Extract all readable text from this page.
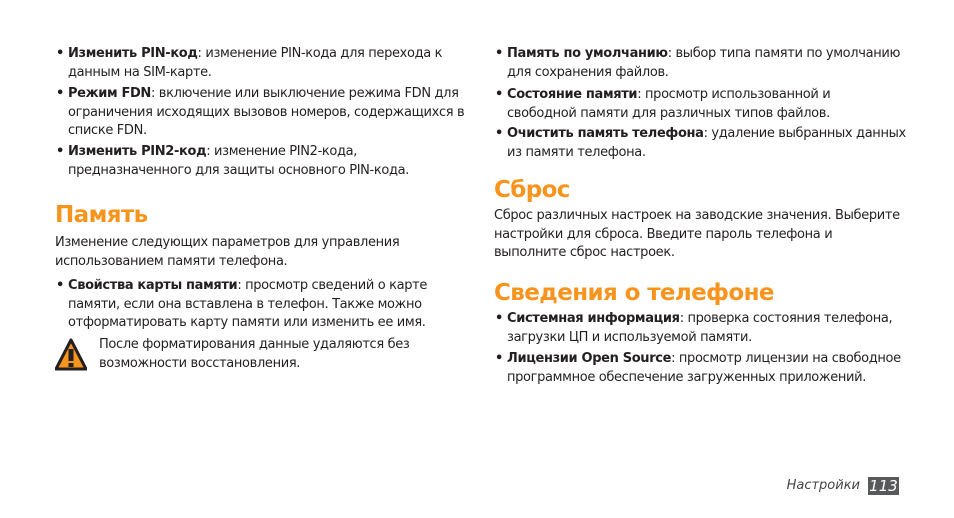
• Изменить PIN-код: изменение PIN-кода для перехода к данным на SIM-карте.
• Режим FDN: включение или выключение режима FDN для ограничения исходящих вызовов номеров, содержащихся в списке FDN.
• Изменить PIN2-код: изменение PIN2-кода, предназначенного для защиты основного PIN-кода.
Память
Изменение следующих параметров для управления использованием памяти телефона.
• Свойства карты памяти: просмотр сведений о карте памяти, если она вставлена в телефон. Также можно отформатировать карту памяти или изменить ее имя.
После форматирования данные удаляются без возможности восстановления.
• Память по умолчанию: выбор типа памяти по умолчанию для сохранения файлов.
• Состояние памяти: просмотр использованной и свободной памяти для различных типов файлов.
• Очистить память телефона: удаление выбранных данных из памяти телефона.
Сброс
Сброс различных настроек на заводские значения. Выберите настройки для сброса. Введите пароль телефона и выполните сброс настроек.
Сведения о телефоне
• Системная информация: проверка состояния телефона, загрузки ЦП и используемой памяти.
• Лицензии Open Source: просмотр лицензии на свободное программное обеспечение загруженных приложений.
Настройки 113
